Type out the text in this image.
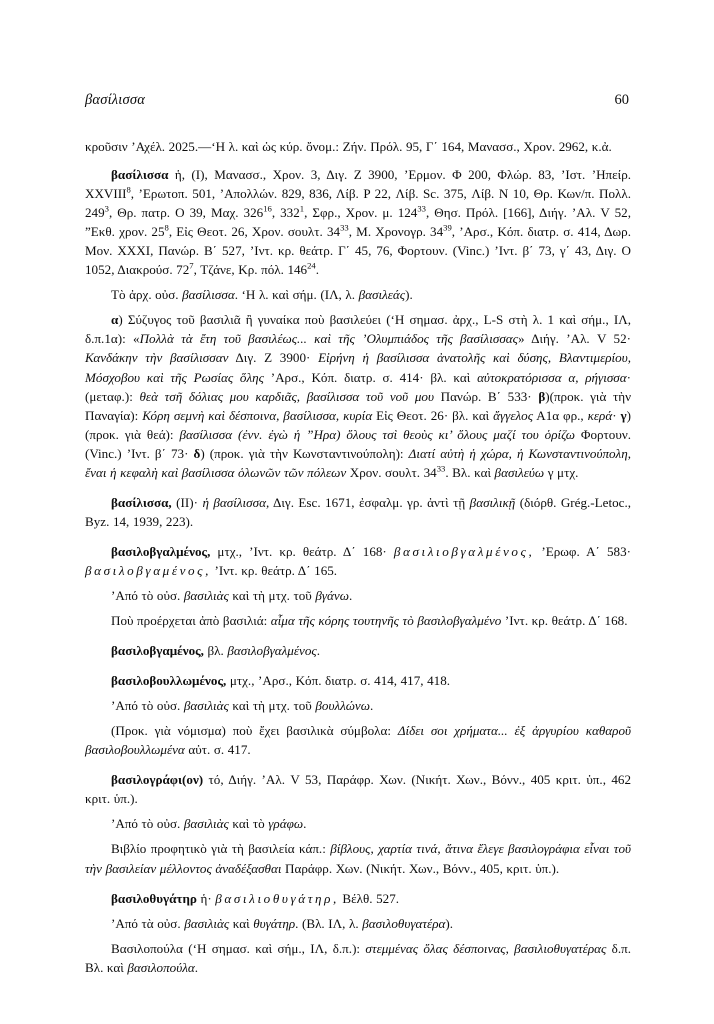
βασίλισσα	60

κροῦσιν ’Αχέλ. 2025.—‘Η λ. καὶ ὡς κύρ. ὄνομ.: Ζήν. Πρόλ. 95, Γ΄ 164, Μανασσ., Χρον. 2962, κ.ἀ.

βασίλισσα ἡ, (I), Μανασσ., Χρον. 3, Διγ. Ζ 3900, ’Ερμον. Φ 200, Φλώρ. 83, ’Ιστ. ’Ηπείρ. XXVIII$^8$, ’Ερωτοπ. 501, ’Απολλών. 829, 836, Λίβ. P 22, Λίβ. Sc. 375, Λίβ. N 10, Θρ. Κων/π. Πολλ. $249^3$, Θρ. πατρ. O 39, Μαχ. $326^{16}$, $332^1$, Σφρ., Χρον. μ. $124^{33}$, Θησ. Πρόλ. [166], Διήγ. ’Αλ. V 52, ”Εκθ. χρον. $25^8$, Εἰς Θεοτ. 26, Χρον. σουλτ. $34^{33}$, Μ. Χρονογρ. $34^{39}$, ’Αρσ., Κόπ. διατρ. σ. 414, Δωρ. Μον. XXXI, Πανώρ. Β΄ 527, ’Ιντ. κρ. θεάτρ. Γ΄ 45, 76, Φορτουν. (Vinc.) ’Ιντ. β΄ 73, γ΄ 43, Διγ. Ο 1052, Διακρούσ. $72^7$, Τζάνε, Κρ. πόλ. $146^{24}$.

Τὸ ἀρχ. οὐσ. βασίλισσα. ‘Η λ. καὶ σήμ. (ΙΛ, λ. βασιλεάς).

α) Σύζυγος τοῦ βασιλιᾶ ἢ γυναίκα ποὺ βασιλεύει (‘Η σημασ. ἀρχ., L-S στὴ λ. 1 καὶ σήμ., ΙΛ, δ.π.1α): «Πολλὰ τὰ ἔτη τοῦ βασιλέως... καὶ τῆς ’Ολυμπιάδος τῆς βασίλισσας» Διήγ. ’Αλ. V 52· Κανδάκην τὴν βασίλισσαν Διγ. Ζ 3900· Εἰρήνη ἡ βασίλισσα ἀνατολῆς καὶ δύσης, Βλαντιμερίου, Μόσχοβου καὶ τῆς Ρωσίας ὅλης ’Αρσ., Κόπ. διατρ. σ. 414· βλ. καὶ αὐτοκρατόρισσα α, ρήγισσα· (μεταφ.): θεὰ τσῆ δόλιας μου καρδιᾶς, βασίλισσα τοῦ νοῦ μου Πανώρ. Β΄ 533· β)(προκ. γιὰ τὴν Παναγία): Κόρη σεμνὴ καὶ δέσποινα, βασίλισσα, κυρία Εἰς Θεοτ. 26· βλ. καὶ ἄγγελος Α1α φρ., κερά· γ) (προκ. γιὰ θεά): βασίλισσα (ἐνν. ἐγὼ ἡ ”Ηρα) ὅλους τσὶ θεοὺς κι’ ὅλους μαζί του ὁρίζω Φορτουν. (Vinc.) ’Ιντ. β΄ 73· δ) (προκ. γιὰ τὴν Κωνσταντινούπολη): Διατί αὐτὴ ἡ χώρα, ἡ Κωνσταντινούπολη, ἔναι ἡ κεφαλὴ καὶ βασίλισσα ὁλωνῶν τῶν πόλεων Χρον. σουλτ. $34^{33}$. Βλ. καὶ βασιλεύω γ μτχ.

βασίλισσα, (II)· ἡ βασίλισσα, Διγ. Esc. 1671, ἐσφαλμ. γρ. ἀντὶ τῇ βασιλικῇ (διόρθ. Grég.-Letoc., Byz. 14, 1939, 223).

βασιλοβγαλμένος, μτχ., ’Ιντ. κρ. θεάτρ. Δ΄ 168· βασιλιοβγαλμένος, ’Ερωφ. Α΄ 583· βασιλοβγαμένος, ’Ιντ. κρ. θεάτρ. Δ΄ 165.

’Από τὸ οὐσ. βασιλιὰς καὶ τὴ μτχ. τοῦ βγάνω.

Ποὺ προέρχεται ἀπὸ βασιλιά: αἷμα τῆς κόρης τουτηνῆς τὸ βασιλοβγαλμένο ’Ιντ. κρ. θεάτρ. Δ΄ 168.

βασιλοβγαμένος, βλ. βασιλοβγαλμένος.

βασιλοβουλλωμένος, μτχ., ’Αρσ., Κόπ. διατρ. σ. 414, 417, 418.

’Από τὸ οὐσ. βασιλιὰς καὶ τὴ μτχ. τοῦ βουλλώνω.

(Προκ. γιὰ νόμισμα) ποὺ ἔχει βασιλικὰ σύμβολα: Δίδει σοι χρήματα... ἐξ ἀργυρίου καθαροῦ βασιλοβουλλωμένα αὐτ. σ. 417.

βασιλογράφι(ον) τό, Διήγ. ’Αλ. V 53, Παράφρ. Χων. (Νικήτ. Χων., Βόνν., 405 κριτ. ὑπ., 462 κριτ. ὑπ.).

’Από τὸ οὐσ. βασιλιὰς καὶ τὸ γράφω.

Βιβλίο προφητικὸ γιὰ τὴ βασιλεία κάπ.: βίβλους, χαρτία τινά, ἅτινα ἔλεγε βασιλογράφια εἶναι τοῦ τὴν βασιλείαν μέλλοντος ἀναδέξασθαι Παράφρ. Χων. (Νικήτ. Χων., Βόνν., 405, κριτ. ὑπ.).

βασιλοθυγάτηρ ἡ· βασιλιοθυγάτηρ, Βέλθ. 527.

’Από τὰ οὐσ. βασιλιὰς καὶ θυγάτηρ. (Βλ. ΙΛ, λ. βασιλοθυγατέρα).

Βασιλοπούλα (‘Η σημασ. καὶ σήμ., ΙΛ, δ.π.): στεμμένας ὅλας δέσποινας, βασιλιοθυγατέρας δ.π. Βλ. καὶ βασιλοπούλα.
